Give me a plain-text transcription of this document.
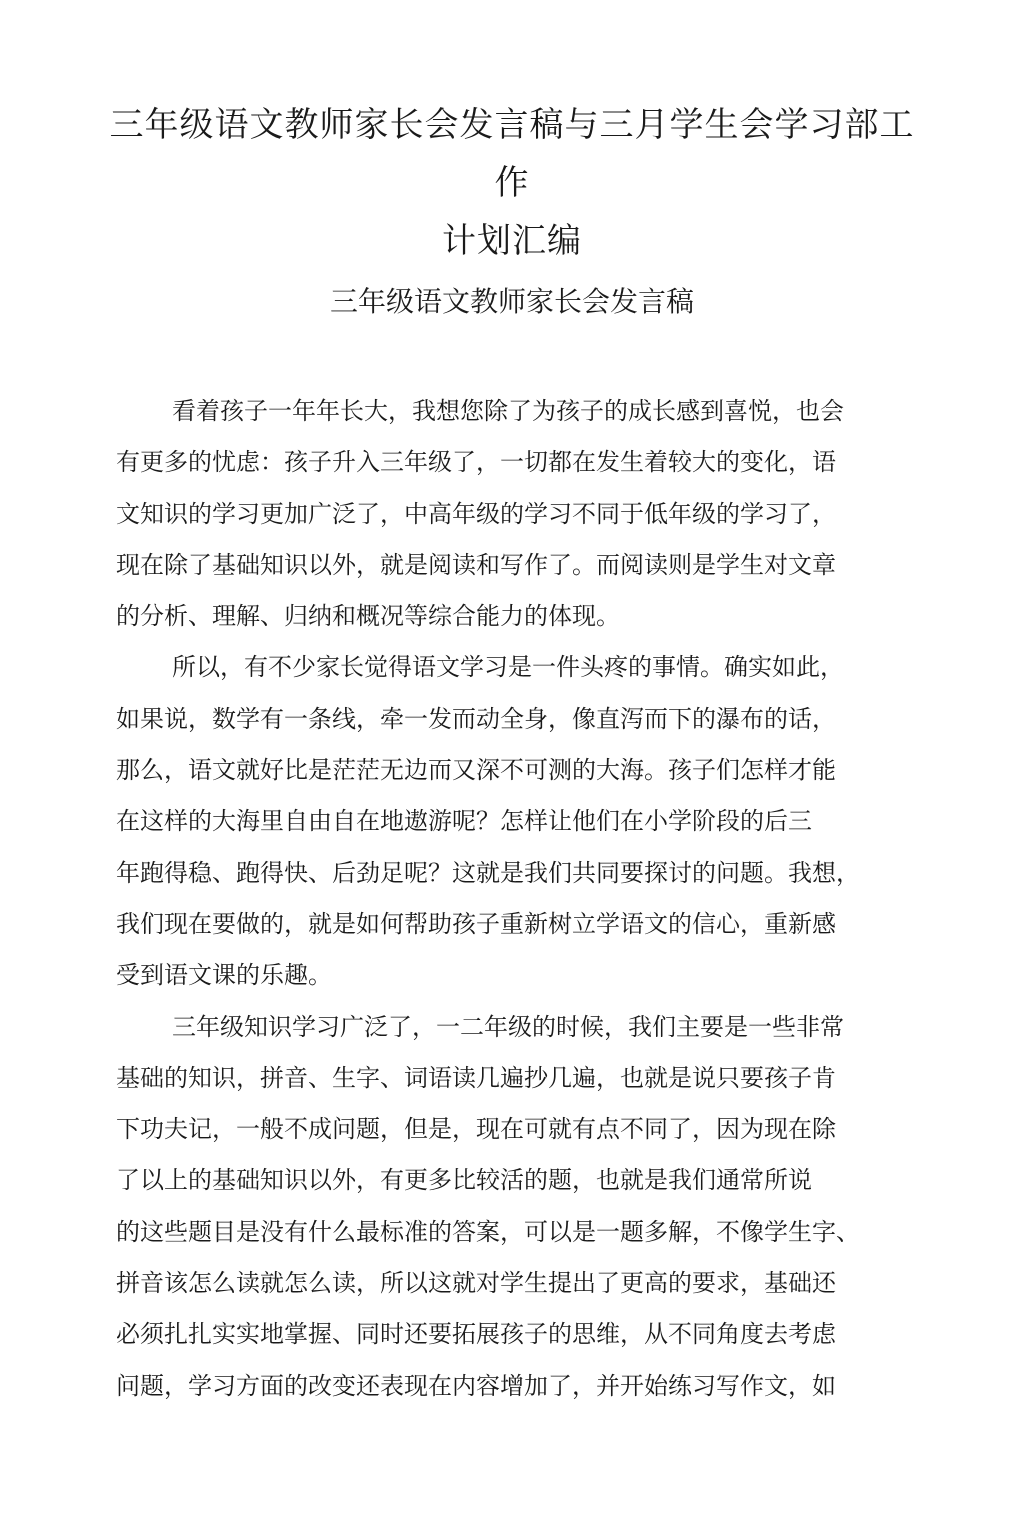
三年级语文教师家长会发言稿与三月学生会学习部工作
计划汇编
三年级语文教师家长会发言稿
看着孩子一年年长大，我想您除了为孩子的成长感到喜悦，也会
有更多的忧虑：孩子升入三年级了，一切都在发生着较大的变化，语
文知识的学习更加广泛了，中高年级的学习不同于低年级的学习了，
现在除了基础知识以外，就是阅读和写作了。而阅读则是学生对文章
的分析、理解、归纳和概况等综合能力的体现。
所以，有不少家长觉得语文学习是一件头疼的事情。确实如此，
如果说，数学有一条线，牵一发而动全身，像直泻而下的瀑布的话，
那么，语文就好比是茫茫无边而又深不可测的大海。孩子们怎样才能
在这样的大海里自由自在地遨游呢？怎样让他们在小学阶段的后三
年跑得稳、跑得快、后劲足呢？这就是我们共同要探讨的问题。我想，
我们现在要做的，就是如何帮助孩子重新树立学语文的信心，重新感
受到语文课的乐趣。
三年级知识学习广泛了，一二年级的时候，我们主要是一些非常
基础的知识，拼音、生字、词语读几遍抄几遍，也就是说只要孩子肯
下功夫记，一般不成问题，但是，现在可就有点不同了，因为现在除
了以上的基础知识以外，有更多比较活的题，也就是我们通常所说
的这些题目是没有什么最标准的答案，可以是一题多解，不像学生字、
拼音该怎么读就怎么读，所以这就对学生提出了更高的要求，基础还
必须扎扎实实地掌握、同时还要拓展孩子的思维，从不同角度去考虑
问题，学习方面的改变还表现在内容增加了，并开始练习写作文，如
